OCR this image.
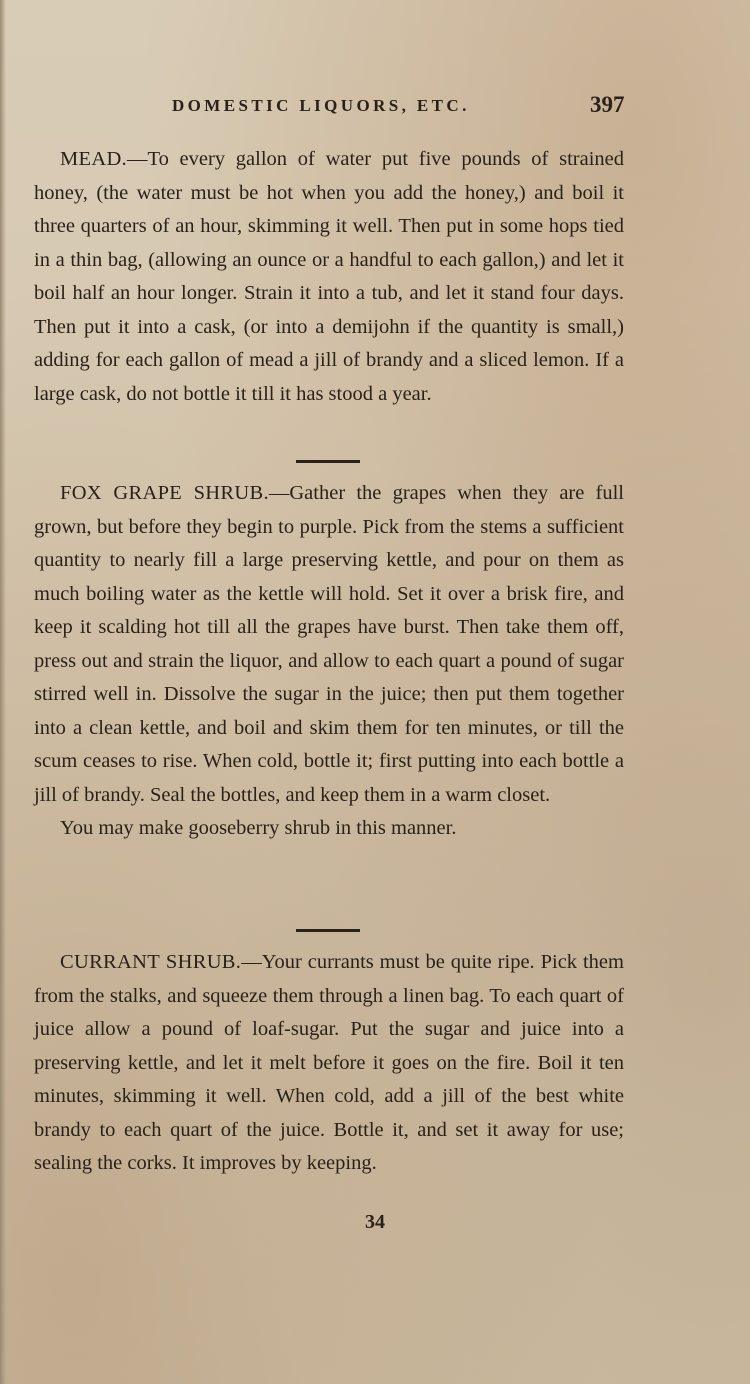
DOMESTIC LIQUORS, ETC.	397

MEAD.—To every gallon of water put five pounds of strained honey, (the water must be hot when you add the honey,) and boil it three quarters of an hour, skimming it well. Then put in some hops tied in a thin bag, (allowing an ounce or a handful to each gallon,) and let it boil half an hour longer. Strain it into a tub, and let it stand four days. Then put it into a cask, (or into a demijohn if the quantity is small,) adding for each gallon of mead a jill of brandy and a sliced lemon. If a large cask, do not bottle it till it has stood a year.

FOX GRAPE SHRUB.—Gather the grapes when they are full grown, but before they begin to purple. Pick from the stems a sufficient quantity to nearly fill a large preserving kettle, and pour on them as much boiling water as the kettle will hold. Set it over a brisk fire, and keep it scalding hot till all the grapes have burst. Then take them off, press out and strain the liquor, and allow to each quart a pound of sugar stirred well in. Dissolve the sugar in the juice; then put them together into a clean kettle, and boil and skim them for ten minutes, or till the scum ceases to rise. When cold, bottle it; first putting into each bottle a jill of brandy. Seal the bottles, and keep them in a warm closet.

You may make gooseberry shrub in this manner.

CURRANT SHRUB.—Your currants must be quite ripe. Pick them from the stalks, and squeeze them through a linen bag. To each quart of juice allow a pound of loaf-sugar. Put the sugar and juice into a preserving kettle, and let it melt before it goes on the fire. Boil it ten minutes, skimming it well. When cold, add a jill of the best white brandy to each quart of the juice. Bottle it, and set it away for use; sealing the corks. It improves by keeping.

34
